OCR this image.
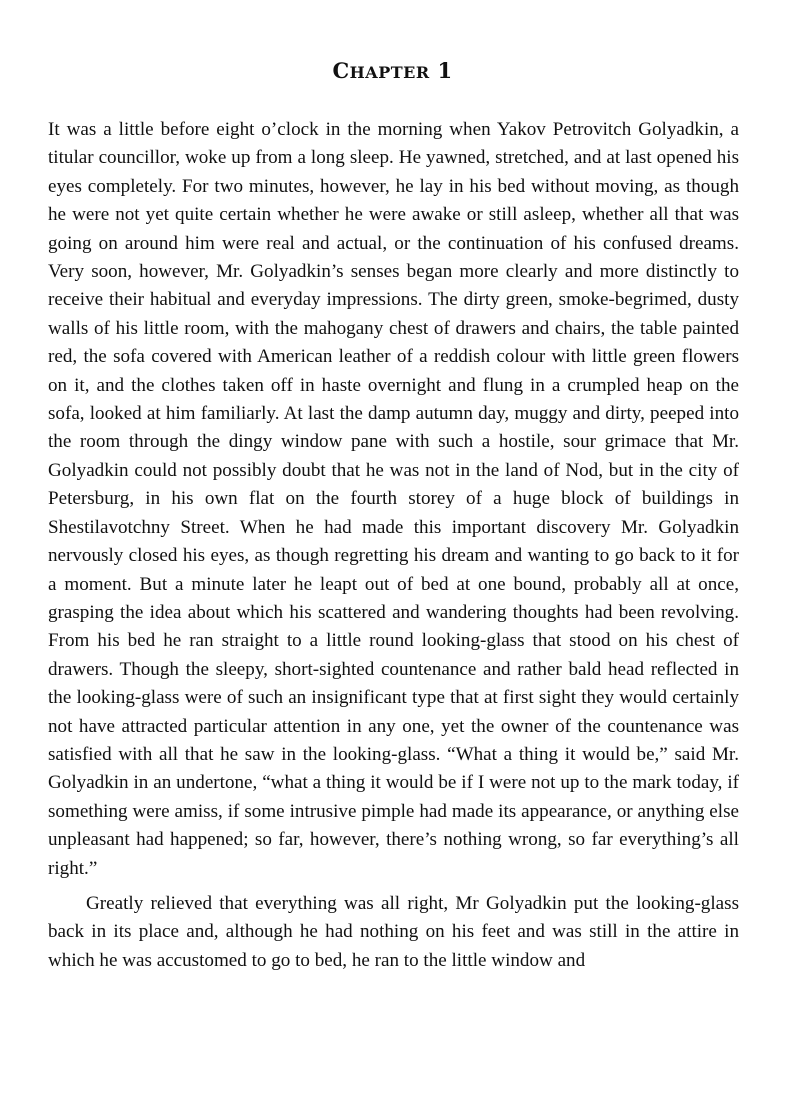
CHAPTER 1

It was a little before eight o’clock in the morning when Yakov Petrovitch Golyadkin, a titular councillor, woke up from a long sleep. He yawned, stretched, and at last opened his eyes completely. For two minutes, however, he lay in his bed without moving, as though he were not yet quite certain whether he were awake or still asleep, whether all that was going on around him were real and actual, or the continuation of his confused dreams. Very soon, however, Mr. Golyadkin’s senses began more clearly and more distinctly to receive their habitual and everyday impressions. The dirty green, smoke-begrimed, dusty walls of his little room, with the mahogany chest of drawers and chairs, the table painted red, the sofa covered with American leather of a reddish colour with little green flowers on it, and the clothes taken off in haste overnight and flung in a crumpled heap on the sofa, looked at him familiarly. At last the damp autumn day, muggy and dirty, peeped into the room through the dingy window pane with such a hostile, sour grimace that Mr. Golyadkin could not possibly doubt that he was not in the land of Nod, but in the city of Petersburg, in his own flat on the fourth storey of a huge block of buildings in Shestilavotchny Street. When he had made this important discovery Mr. Golyadkin nervously closed his eyes, as though regretting his dream and wanting to go back to it for a moment. But a minute later he leapt out of bed at one bound, probably all at once, grasping the idea about which his scattered and wandering thoughts had been revolving. From his bed he ran straight to a little round looking-glass that stood on his chest of drawers. Though the sleepy, short-sighted countenance and rather bald head reflected in the looking-glass were of such an insignificant type that at first sight they would certainly not have attracted particular attention in any one, yet the owner of the countenance was satisfied with all that he saw in the looking-glass. “What a thing it would be,” said Mr. Golyadkin in an undertone, “what a thing it would be if I were not up to the mark today, if something were amiss, if some intrusive pimple had made its appearance, or anything else unpleasant had happened; so far, however, there’s nothing wrong, so far everything’s all right.”

Greatly relieved that everything was all right, Mr Golyadkin put the looking-glass back in its place and, although he had nothing on his feet and was still in the attire in which he was accustomed to go to bed, he ran to the little window and
